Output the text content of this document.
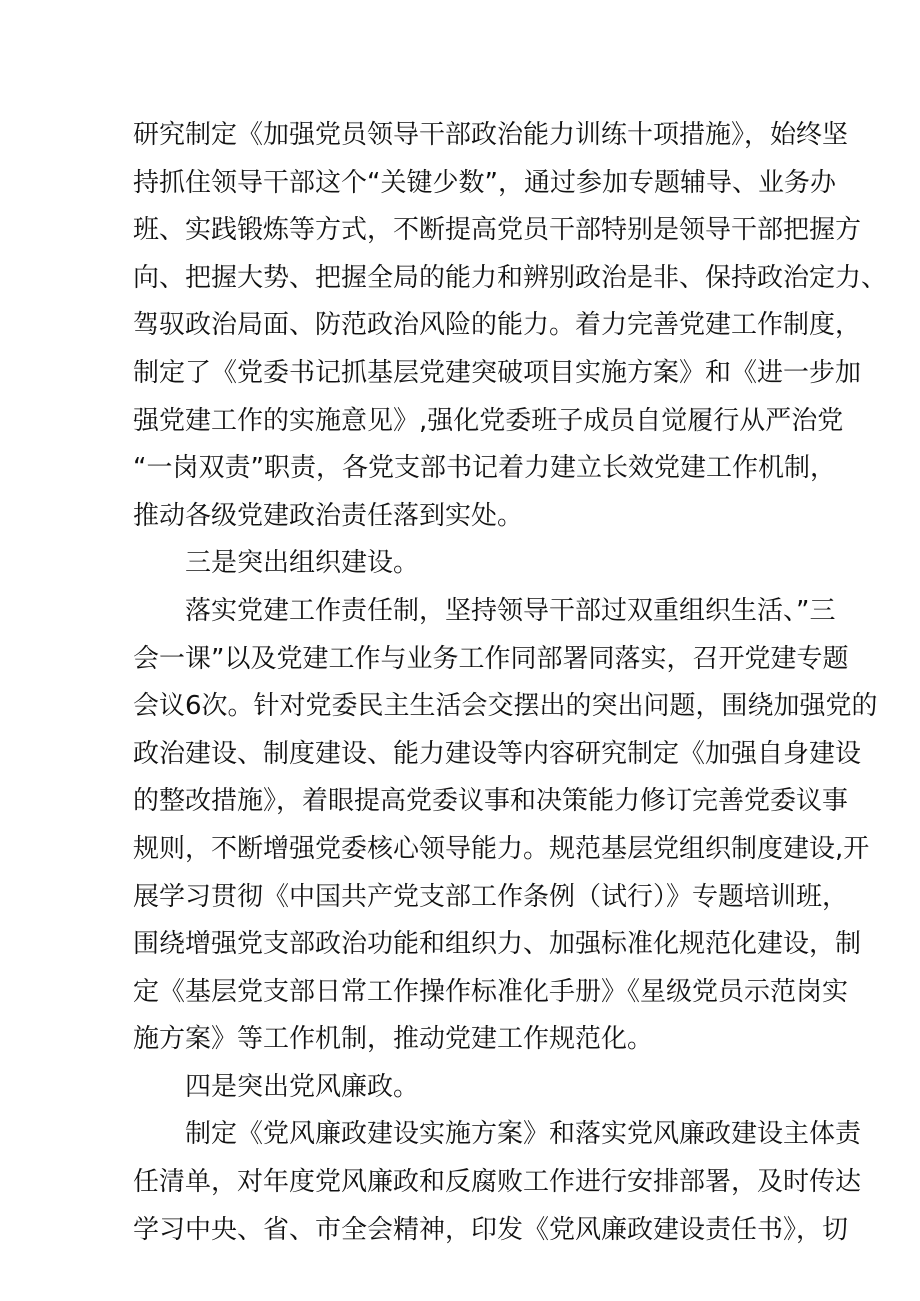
研究制定《加强党员领导干部政治能力训练十项措施》，始终坚
持抓住领导干部这个“关键少数”，通过参加专题辅导、业务办
班、实践锻炼等方式，不断提高党员干部特别是领导干部把握方
向、把握大势、把握全局的能力和辨别政治是非、保持政治定力、
驾驭政治局面、防范政治风险的能力。着力完善党建工作制度，
制定了《党委书记抓基层党建突破项目实施方案》和《进一步加
强党建工作的实施意见》,强化党委班子成员自觉履行从严治党
“一岗双责”职责，各党支部书记着力建立长效党建工作机制，
推动各级党建政治责任落到实处。
三是突出组织建设。
落实党建工作责任制，坚持领导干部过双重组织生活、”三
会一课”以及党建工作与业务工作同部署同落实，召开党建专题
会议6次。针对党委民主生活会交摆出的突出问题，围绕加强党的
政治建设、制度建设、能力建设等内容研究制定《加强自身建设
的整改措施》，着眼提高党委议事和决策能力修订完善党委议事
规则，不断增强党委核心领导能力。规范基层党组织制度建设,开
展学习贯彻《中国共产党支部工作条例（试行）》专题培训班，
围绕增强党支部政治功能和组织力、加强标准化规范化建设，制
定《基层党支部日常工作操作标准化手册》《星级党员示范岗实
施方案》等工作机制，推动党建工作规范化。
四是突出党风廉政。
制定《党风廉政建设实施方案》和落实党风廉政建设主体责
任清单，对年度党风廉政和反腐败工作进行安排部署，及时传达
学习中央、省、市全会精神，印发《党风廉政建设责任书》，切
